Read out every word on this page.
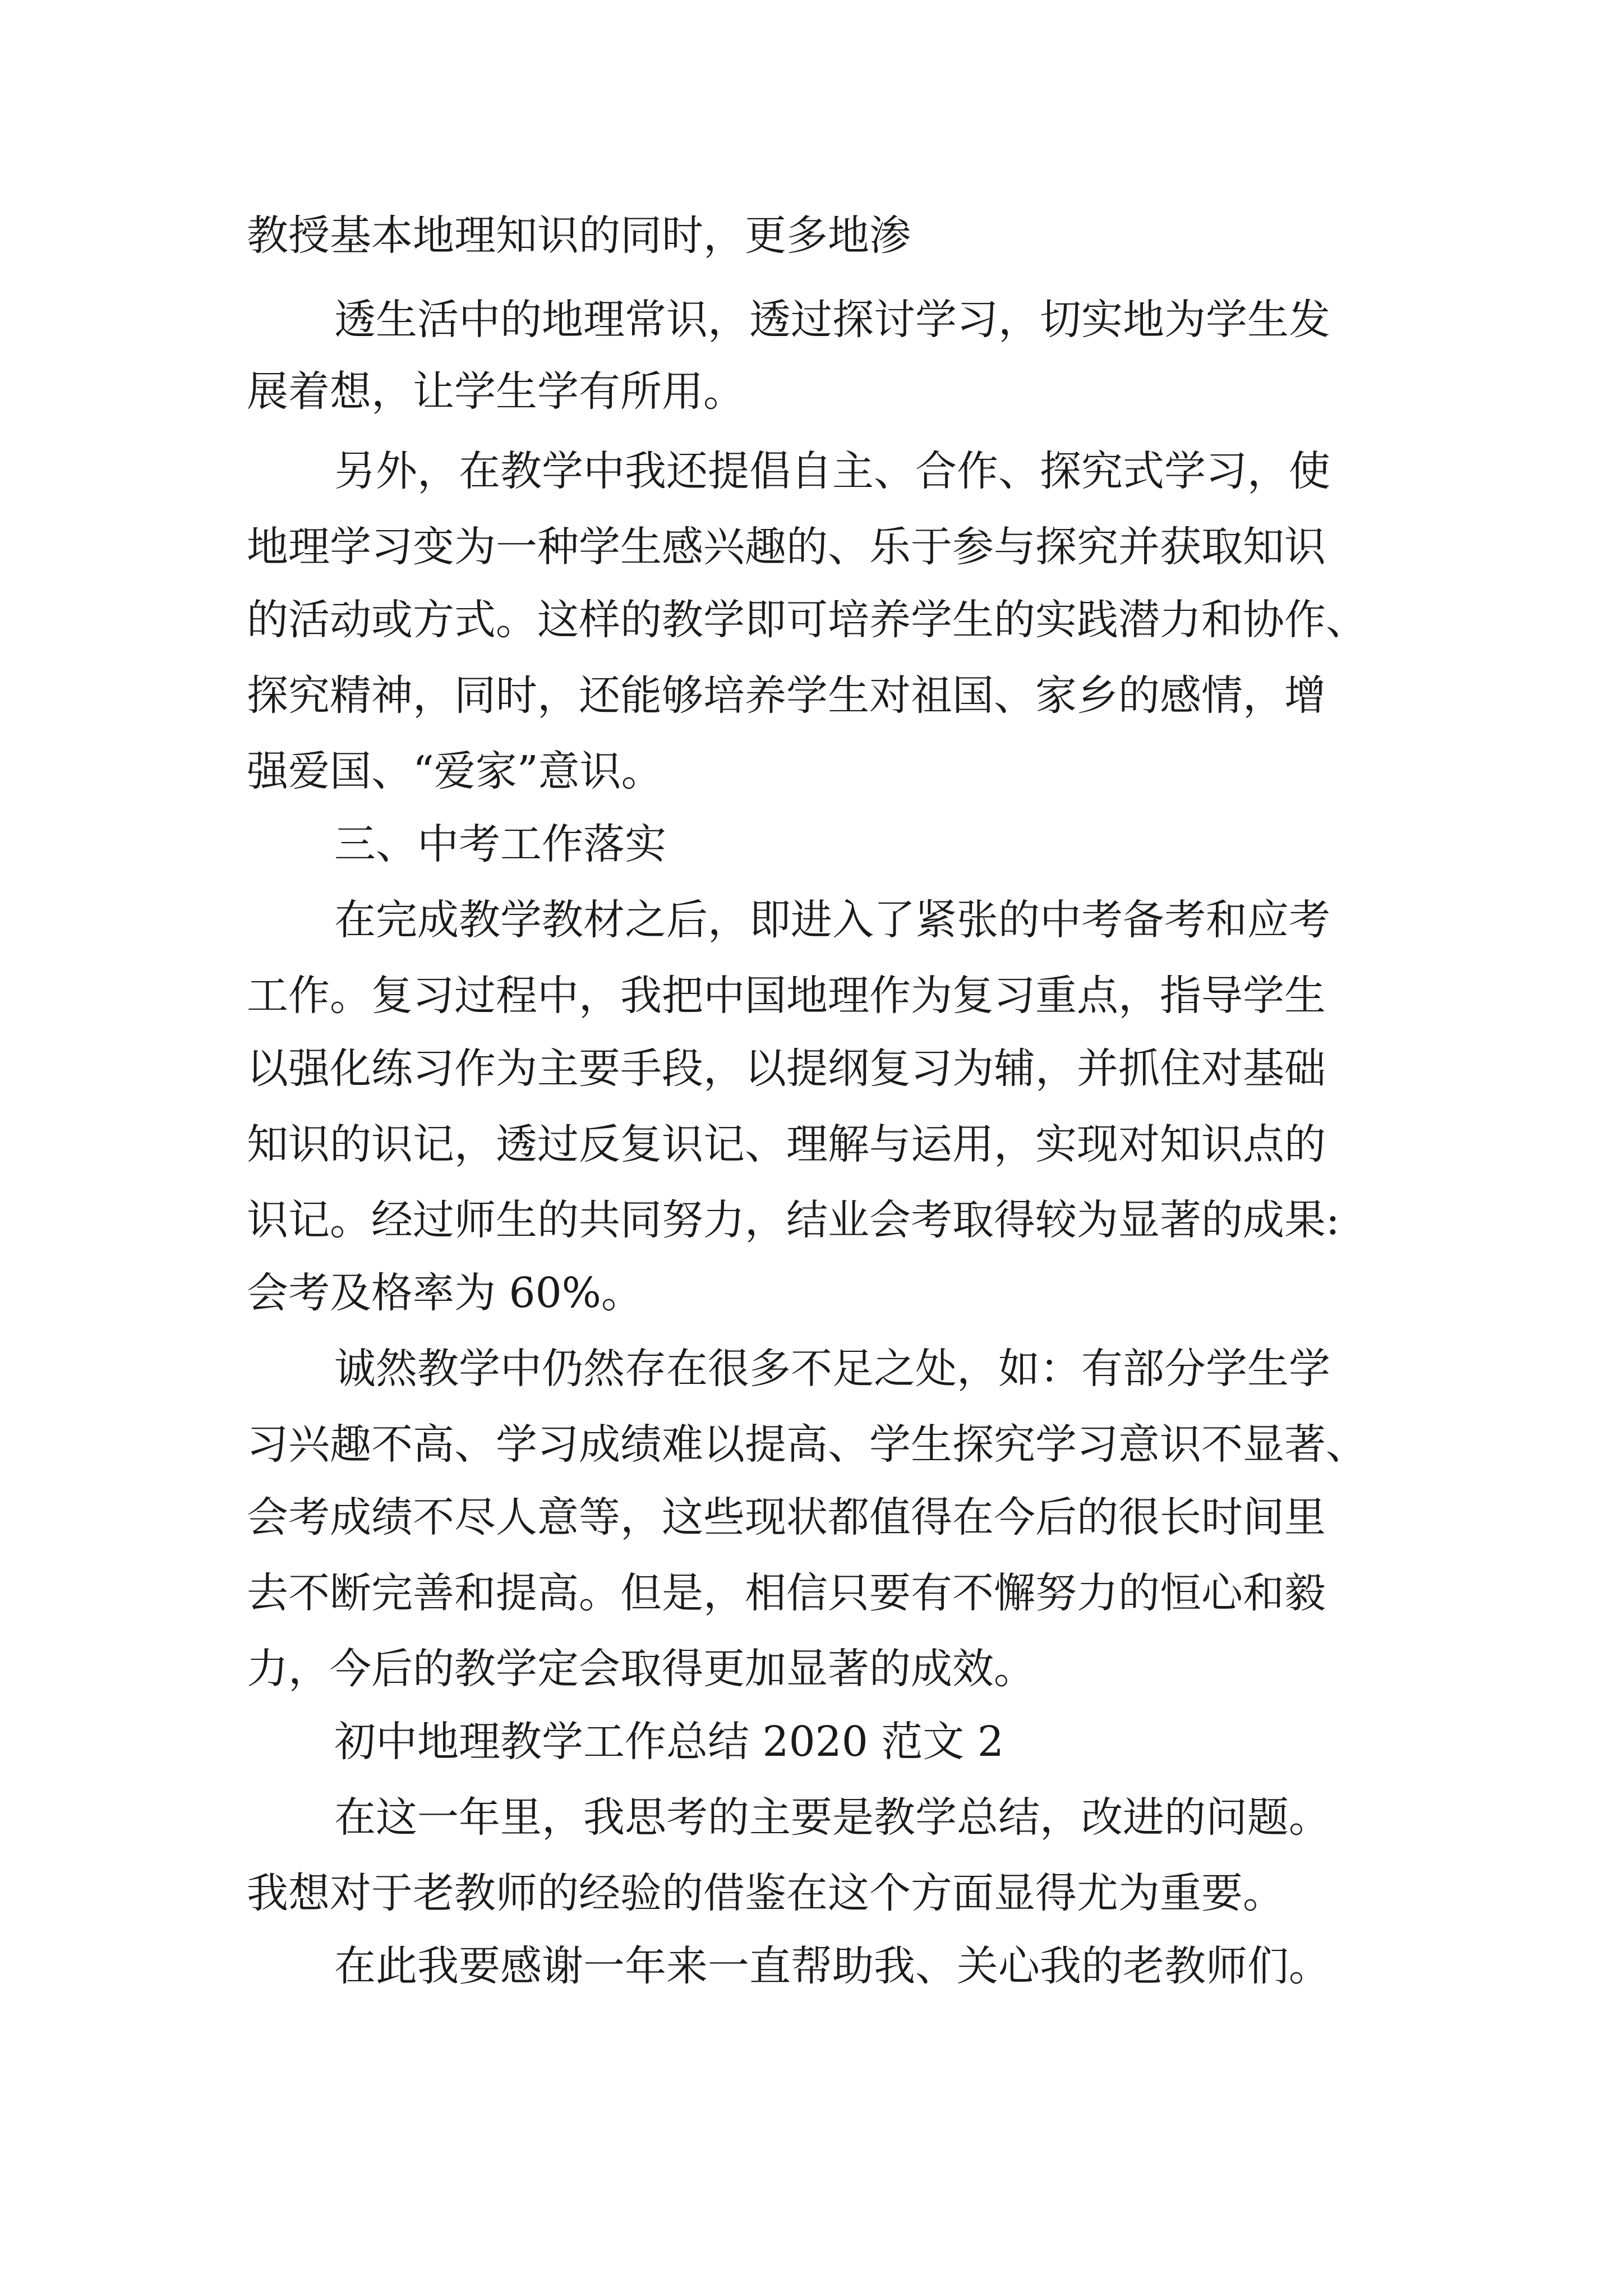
教授基本地理知识的同时，更多地渗
透生活中的地理常识，透过探讨学习，切实地为学生发
展着想，让学生学有所用。
另外，在教学中我还提倡自主、合作、探究式学习，使
地理学习变为一种学生感兴趣的、乐于参与探究并获取知识
的活动或方式。这样的教学即可培养学生的实践潜力和协作、
探究精神，同时，还能够培养学生对祖国、家乡的感情，增
强爱国、“爱家”意识。
三、中考工作落实
在完成教学教材之后，即进入了紧张的中考备考和应考
工作。复习过程中，我把中国地理作为复习重点，指导学生
以强化练习作为主要手段，以提纲复习为辅，并抓住对基础
知识的识记，透过反复识记、理解与运用，实现对知识点的
识记。经过师生的共同努力，结业会考取得较为显著的成果:
会考及格率为 60%。
诚然教学中仍然存在很多不足之处，如：有部分学生学
习兴趣不高、学习成绩难以提高、学生探究学习意识不显著、
会考成绩不尽人意等，这些现状都值得在今后的很长时间里
去不断完善和提高。但是，相信只要有不懈努力的恒心和毅
力，今后的教学定会取得更加显著的成效。
初中地理教学工作总结 2020 范文 2
在这一年里，我思考的主要是教学总结，改进的问题。
我想对于老教师的经验的借鉴在这个方面显得尤为重要。
在此我要感谢一年来一直帮助我、关心我的老教师们。
